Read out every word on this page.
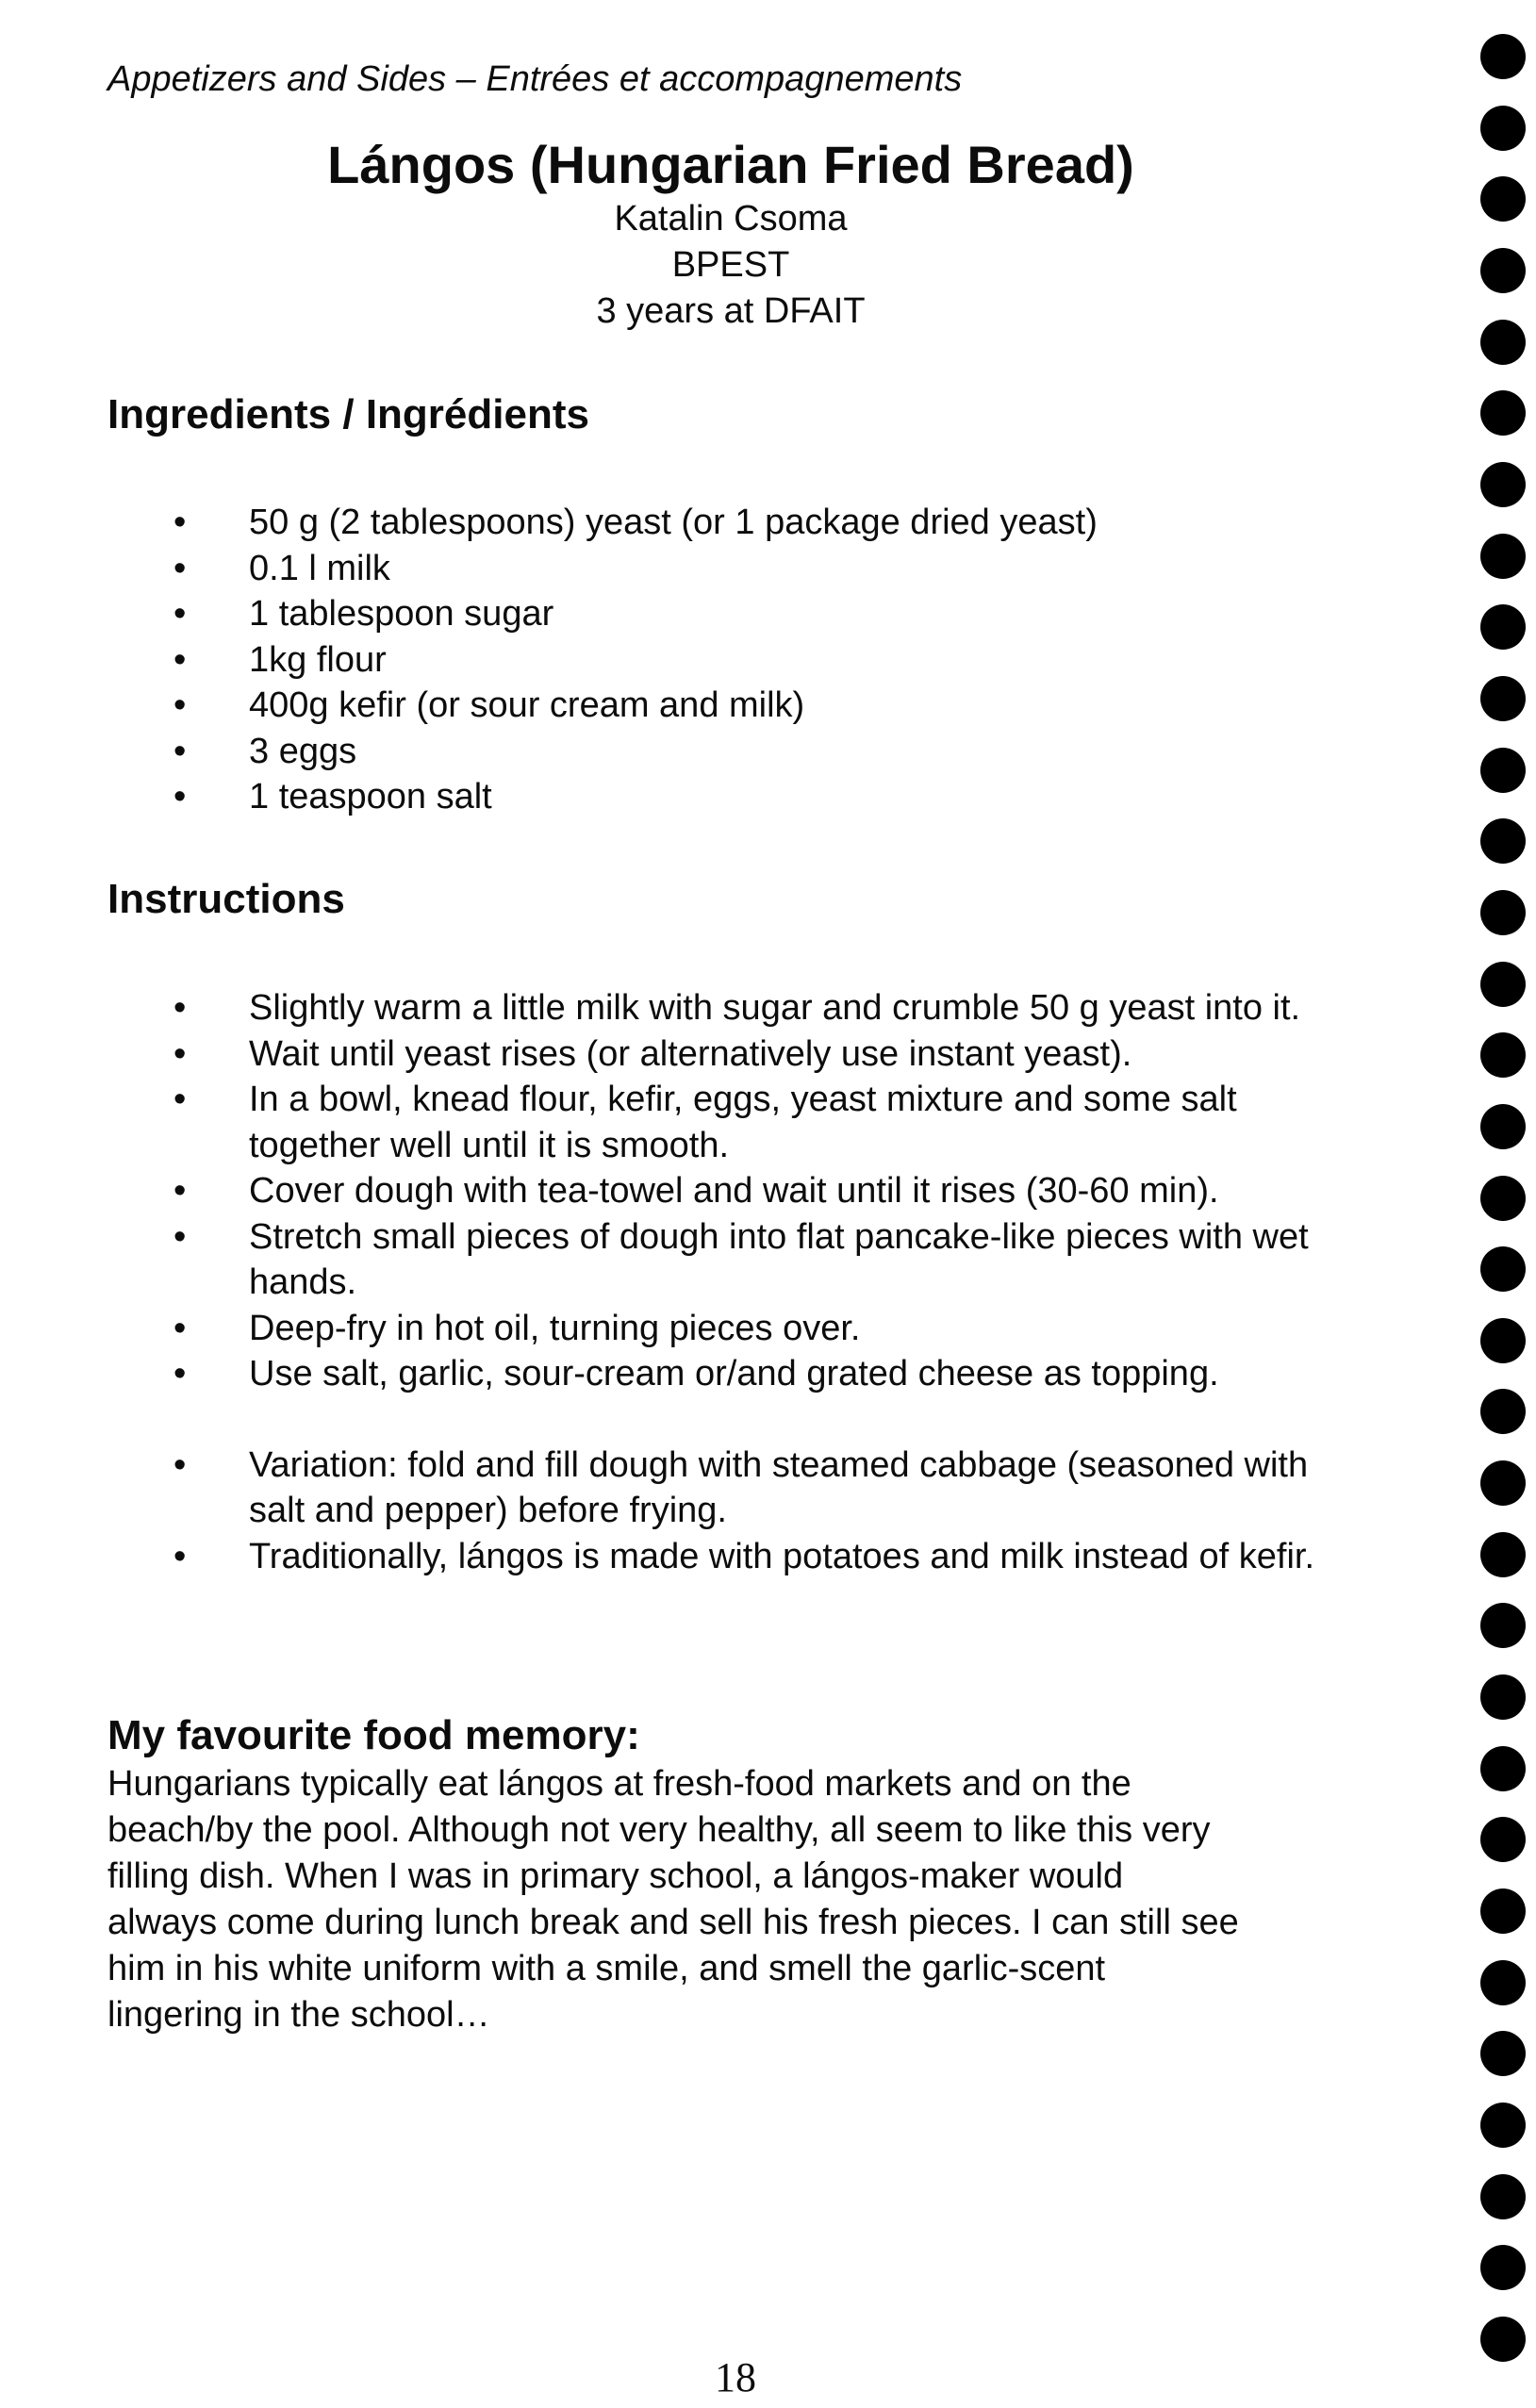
Appetizers and Sides – Entrées et accompagnements
Lángos (Hungarian Fried Bread)

Katalin Csoma

BPEST

3 years at DFAIT

Ingredients / Ingrédients
• 50 g (2 tablespoons) yeast (or 1 package dried yeast)
• 0.1 l milk
• 1 tablespoon sugar
• 1kg flour
• 400g kefir (or sour cream and milk)
• 3 eggs
• 1 teaspoon salt
Instructions
• Slightly warm a little milk with sugar and crumble 50 g yeast into it.
• Wait until yeast rises (or alternatively use instant yeast).
• In a bowl, knead flour, kefir, eggs, yeast mixture and some salt together well until it is smooth.
• Cover dough with tea-towel and wait until it rises (30-60 min).
• Stretch small pieces of dough into flat pancake-like pieces with wet hands.
• Deep-fry in hot oil, turning pieces over.
• Use salt, garlic, sour-cream or/and grated cheese as topping.
• Variation: fold and fill dough with steamed cabbage (seasoned with salt and pepper) before frying.
• Traditionally, lángos is made with potatoes and milk instead of kefir.
My favourite food memory:

Hungarians typically eat lángos at fresh-food markets and on the
beach/by the pool. Although not very healthy, all seem to like this very
filling dish. When I was in primary school, a lángos-maker would
always come during lunch break and sell his fresh pieces. I can still see
him in his white uniform with a smile, and smell the garlic-scent
lingering in the school…

18
